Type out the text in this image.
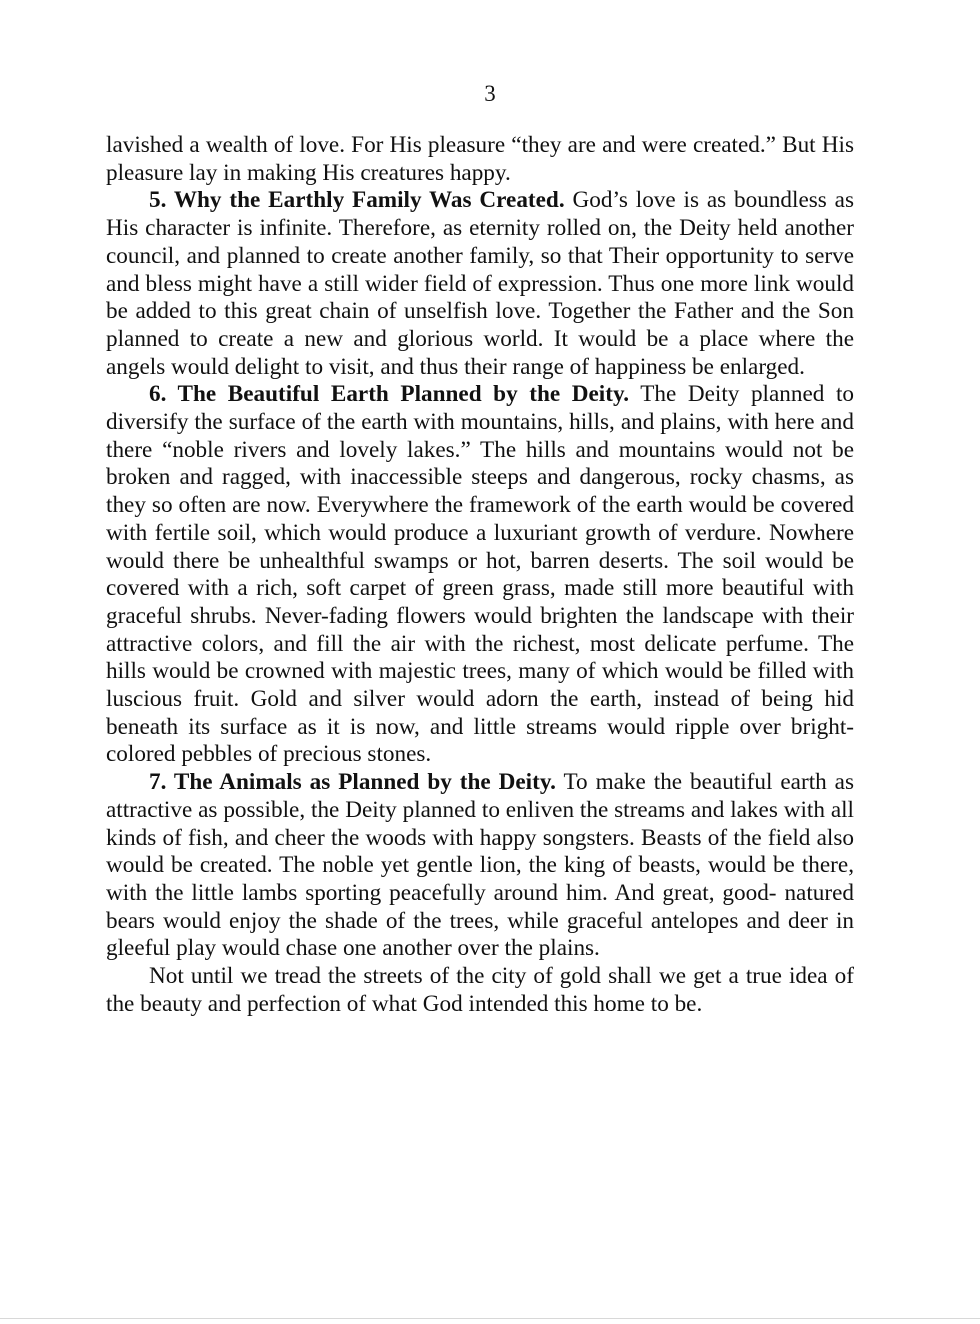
3

lavished a wealth of love. For His pleasure “they are and were created.” But His pleasure lay in making His creatures happy.

5. Why the Earthly Family Was Created. God’s love is as boundless as His character is infinite. Therefore, as eternity rolled on, the Deity held another council, and planned to create another family, so that Their opportunity to serve and bless might have a still wider field of expression. Thus one more link would be added to this great chain of unselfish love. Together the Father and the Son planned to create a new and glorious world. It would be a place where the angels would delight to visit, and thus their range of happiness be enlarged.

6. The Beautiful Earth Planned by the Deity. The Deity planned to diversify the surface of the earth with mountains, hills, and plains, with here and there “noble rivers and lovely lakes.” The hills and mountains would not be broken and ragged, with inaccessible steeps and dangerous, rocky chasms, as they so often are now. Everywhere the framework of the earth would be covered with fertile soil, which would produce a luxuriant growth of verdure. Nowhere would there be unhealthful swamps or hot, barren deserts. The soil would be covered with a rich, soft carpet of green grass, made still more beautiful with graceful shrubs. Never-fading flowers would brighten the landscape with their attractive colors, and fill the air with the richest, most delicate perfume. The hills would be crowned with majestic trees, many of which would be filled with luscious fruit. Gold and silver would adorn the earth, instead of being hid beneath its surface as it is now, and little streams would ripple over bright-colored pebbles of precious stones.

7. The Animals as Planned by the Deity. To make the beautiful earth as attractive as possible, the Deity planned to enliven the streams and lakes with all kinds of fish, and cheer the woods with happy songsters. Beasts of the field also would be created. The noble yet gentle lion, the king of beasts, would be there, with the little lambs sporting peacefully around him. And great, good- natured bears would enjoy the shade of the trees, while graceful antelopes and deer in gleeful play would chase one another over the plains.

Not until we tread the streets of the city of gold shall we get a true idea of the beauty and perfection of what God intended this home to be.
